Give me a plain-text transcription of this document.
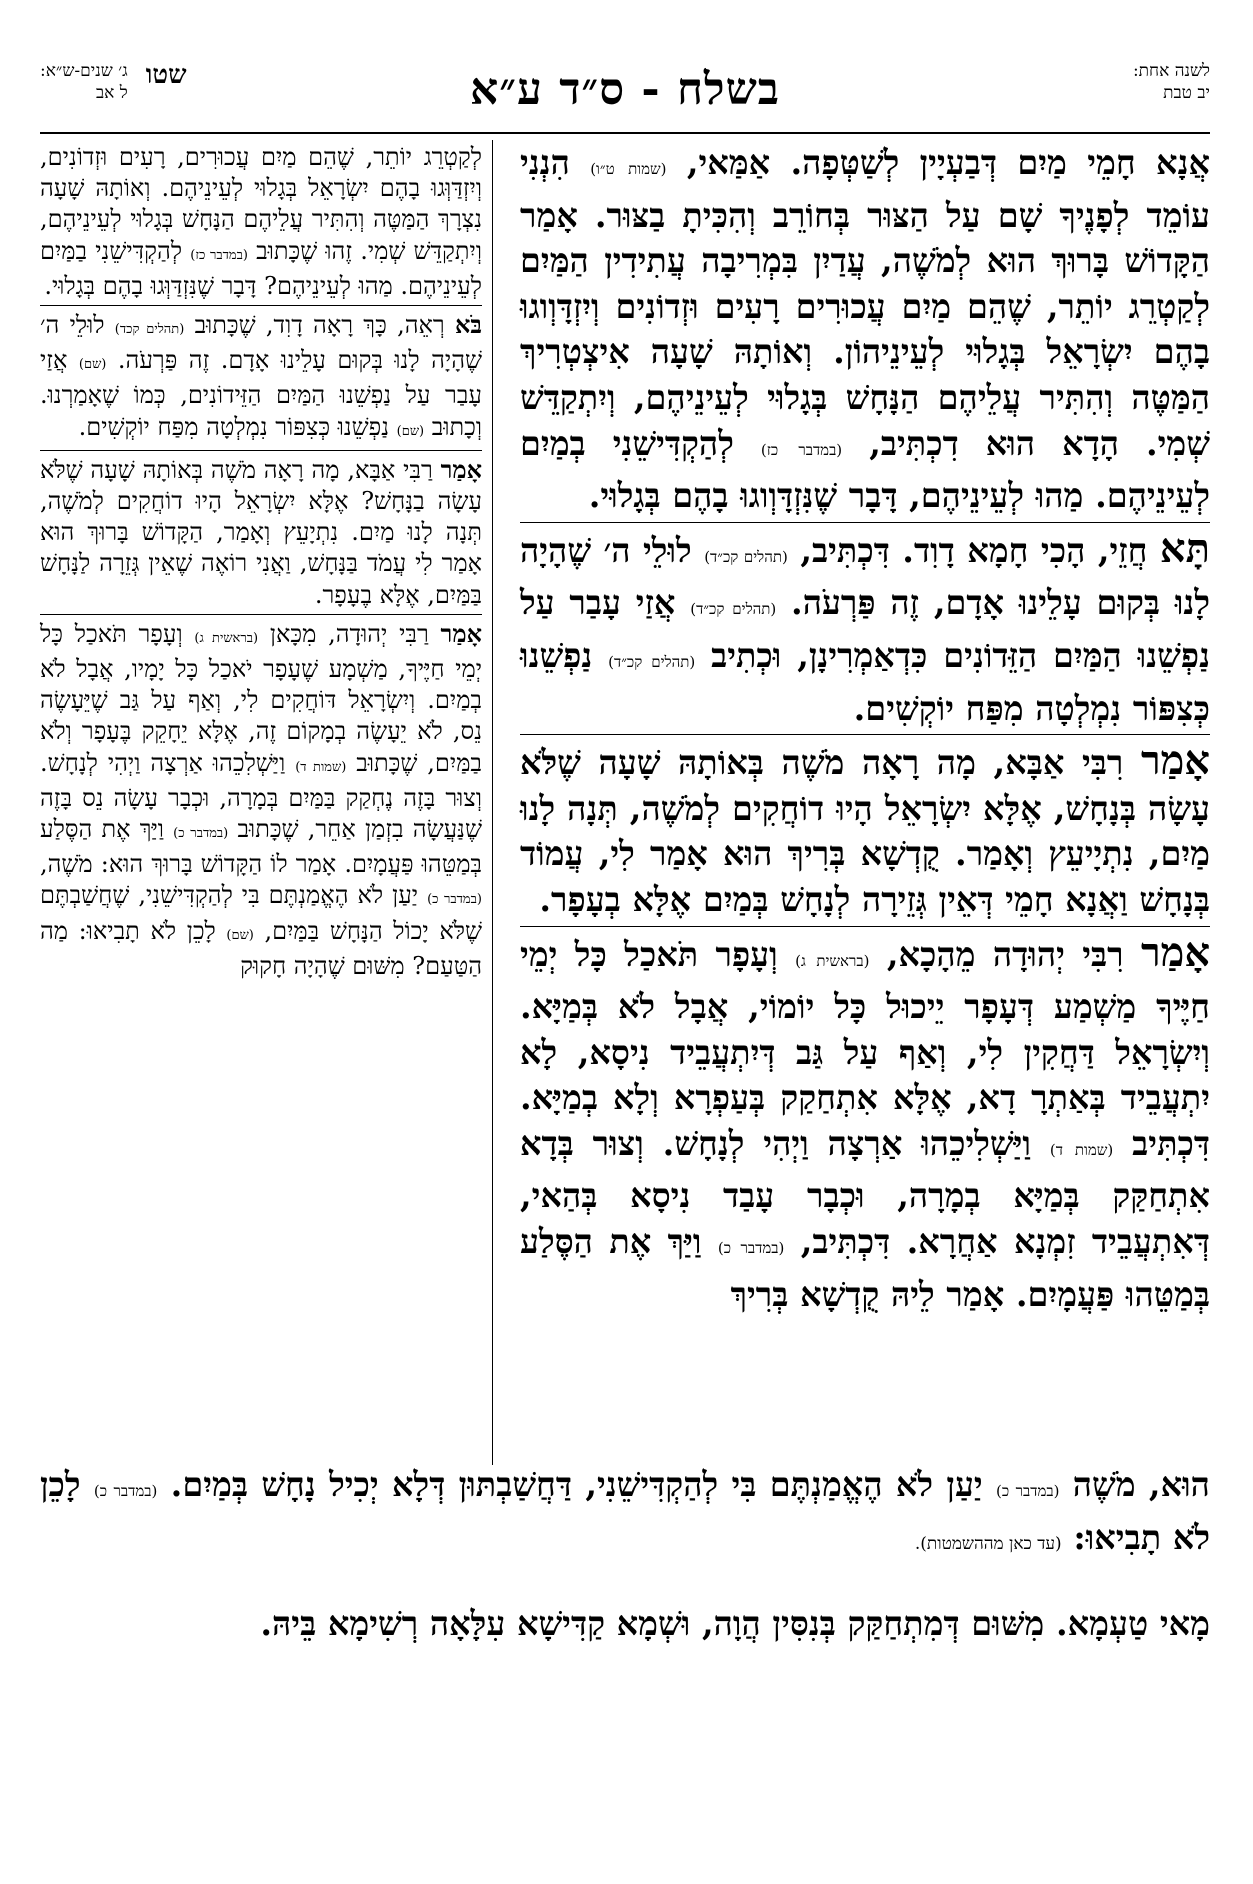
לשנה אחת:
יב טבת
בשלח - ס״ד ע״א
ג׳ שנים-ש״א:
ל אב
שטו

אֲנָא חָמֵי מַיִם דְּבַעְיָין לְשַׁטְּפָה. אַמַּאי, (שמות ט״ו) הִנְנִי עוֹמֵד לְפָנֶיךָ שָׁם עַל הַצּוּר בְּחוֹרֵב וְהִכִּיתָ בַצּוּר. אָמַר הַקָּדוֹשׁ בָּרוּךְ הוּא לְמֹשֶׁה, עֲדַיִן בִּמְרִיבָה עֲתִידִין הַמַּיִם לְקַטְרֵג יוֹתֵר, שֶׁהֵם מַיִם עֲכוּרִים רָעִים וּזְדוֹנִים וְיִזְדָּוְוגוּ בָהֶם יִשְׂרָאֵל בְּגָלוּי לְעֵינֵיהוֹן. וְאוֹתָהּ שָׁעָה אִיצְטְרִיךְ הַמַּטֶּה וְהִתִּיר עֲלֵיהֶם הַנָּחָשׁ בְּגָלוּי לְעֵינֵיהֶם, וְיִתְקַדֵּשׁ שְׁמִי. הָדָא הוּא דִכְתִּיב, (במדבר כז) לְהַקְדִּישֵׁנִי בְמַיִם לְעֵינֵיהֶם. מַהוּ לְעֵינֵיהֶם, דָּבָר שֶׁנִּזְדָּוְוגוּ בָהֶם בְּגָלוּי.

תָּא חֲזֵי, הָכִי חָמָא דָוִד. דִּכְתִּיב, (תהלים קכ״ד) לוּלֵי ה׳ שֶׁהָיָה לָנוּ בְּקוּם עָלֵינוּ אָדָם, זֶה פַּרְעֹה. (תהלים קכ״ד) אֲזַי עָבַר עַל נַפְשֵׁנוּ הַמַּיִם הַזֵּדוֹנִים כִּדְאַמְרִינָן, וּכְתִיב (תהלים קכ״ד) נַפְשֵׁנוּ כְּצִפּוֹר נִמְלְטָה מִפַּח יוֹקְשִׁים.

אָמַר רִבִּי אַבָּא, מָה רָאָה מֹשֶׁה בְּאוֹתָהּ שָׁעָה שֶׁלֹּא עָשָׂה בְּנָחָשׁ, אֶלָּא יִשְׂרָאֵל הָיוּ דוֹחֲקִים לְמֹשֶׁה, תְּנָה לָנוּ מַיִם, נִתְיָיעֵץ וְאָמַר. קֻדְשָׁא בְּרִיךְ הוּא אָמַר לִי, עֲמוֹד בְּנָחָשׁ וַאֲנָא חָמֵי דְּאֵין גְּזֵירָה לְנָחָשׁ בְּמַיִם אֶלָּא בְעָפָר.

אָמַר רִבִּי יְהוּדָה מֵהָכָא, (בראשית ג) וְעָפָר תֹּאכַל כָּל יְמֵי חַיֶּיךָ מַשְׁמַע דְּעָפָר יֵיכוּל כָּל יוֹמוֹי, אֲבָל לֹא בְּמַיָּא. וְיִשְׂרָאֵל דַּחֲקִין לִי, וְאַף עַל גַּב דְּיִתְעֲבֵיד נִיסָא, לָא יִתְעֲבֵיד בְּאַתְרָ דָא, אֶלָּא אִתְחַקַק בְּעַפְרָא וְלָא בְמַיָּא. דִּכְתִּיב (שמות ד) וַיַּשְׁלִיכֵהוּ אַרְצָה וַיְהִי לְנָחָשׁ. וְצוּר בְּדָא אִתְחַקַּק בְּמַיָּא בְמָרָה, וּכְבָר עָבַד נִיסָא בְּהַאי, דְּאִתְעֲבֵיד זִמְנָא אַחֲרָא. דִּכְתִּיב, (במדבר כ) וַיַּךְ אֶת הַסֶּלַע בְּמַטֵּהוּ פַּעֲמָיִם. אָמַר לֵיהּ קֻדְשָׁא בְּרִיךְ

לְקַטְרֵג יוֹתֵר, שֶׁהֵם מַיִם עֲכוּרִים, רָעִים וּזְדוֹנִים, וְיִזְדַּוְּגוּ בָהֶם יִשְׂרָאֵל בְּגָלוּי לְעֵינֵיהֶם. וְאוֹתָהּ שָׁעָה נִצְרָךְ הַמַּטֶּה וְהִתִּיר עֲלֵיהֶם הַנָּחָשׁ בְּגָלוּי לְעֵינֵיהֶם, וְיִתְקַדֵּשׁ שְׁמִי. זֶהוּ שֶׁכָּתוּב (במדבר כז) לְהַקְדִּישֵׁנִי בַמַּיִם לְעֵינֵיהֶם. מַהוּ לְעֵינֵיהֶם? דָּבָר שֶׁנִּזְדַּוְּגוּ בָהֶם בְּגָלוּי.

בֹּא רְאֵה, כָּךְ רָאָה דָוִד, שֶׁכָּתוּב (תהלים קכד) לוּלֵי ה׳ שֶׁהָיָה לָנוּ בְּקוּם עָלֵינוּ אָדָם. זֶה פַּרְעֹה. (שם) אֲזַי עָבַר עַל נַפְשֵׁנוּ הַמַּיִם הַזֵּידוֹנִים, כְּמוֹ שֶׁאָמַרְנוּ. וְכָתוּב (שם) נַפְשֵׁנוּ כְּצִפּוֹר נִמְלְטָה מִפַּח יוֹקְשִׁים.

אָמַר רַבִּי אַבָּא, מָה רָאָה מֹשֶׁה בְּאוֹתָהּ שָׁעָה שֶׁלֹּא עָשָׂה בַנָּחָשׁ? אֶלָּא יִשְׂרָאֵל הָיוּ דוֹחֲקִים לְמֹשֶׁה, תְּנָה לָנוּ מַיִם. נִתְיָעֵץ וְאָמַר, הַקָּדוֹשׁ בָּרוּךְ הוּא אָמַר לִי עֲמֹד בַּנָּחָשׁ, וַאֲנִי רוֹאֶה שֶׁאֵין גְּזֵרָה לַנָּחָשׁ בַּמַּיִם, אֶלָּא בֶעָפָר.

אָמַר רַבִּי יְהוּדָה, מִכָּאן (בראשית ג) וְעָפָר תֹּאכַל כָּל יְמֵי חַיֶּיךָ, מַשְׁמָע שֶׁעָפָר יֹאכַל כָּל יָמָיו, אֲבָל לֹא בְמַיִם. וְיִשְׂרָאֵל דּוֹחֲקִים לִי, וְאַף עַל גַּב שֶׁיֵּעָשֶׂה נֵס, לֹא יֵעָשֶׂה בְמָקוֹם זֶה, אֶלָּא יֵחָקֵק בֶּעָפָר וְלֹא בַמַּיִם, שֶׁכָּתוּב (שמות ד) וַיַּשְׁלִכֵהוּ אַרְצָה וַיְהִי לְנָחָשׁ. וְצוּר בָּזֶה נֶחְקַק בַּמַּיִם בְּמָרָה, וּכְבָר עָשָׂה נֵס בָּזֶה שֶׁנַּעֲשָׂה בִזְמַן אַחֵר, שֶׁכָּתוּב (במדבר כ) וַיַּךְ אֶת הַסֶּלַע בְּמַטֵּהוּ פַּעֲמָיִם. אָמַר לוֹ הַקָּדוֹשׁ בָּרוּךְ הוּא: מֹשֶׁה, (במדבר כ) יַעַן לֹא הֶאֱמַנְתֶּם בִּי לְהַקְדִּישֵׁנִי, שֶׁחֲשַׁבְתֶּם שֶׁלֹּא יָכוֹל הַנָּחָשׁ בַּמַּיִם, (שם) לָכֵן לֹא תָבִיאוּ: מַה הַטַּעַם? מִשּׁוּם שֶׁהָיָה חָקוּק

הוּא, מֹשֶׁה (במדבר כ) יַעַן לֹא הֶאֱמַנְתֶּם בִּי לְהַקְדִּישֵׁנִי, דַּחֲשַׁבְתּוּן דְּלָא יְכִיל נָחָשׁ בְּמַיִם. (במדבר כ) לָכֵן לֹא תָבִיאוּ: (עד כאן מההשמטות).

מָאי טַעְמָא. מִשּׁוּם דְּמִתְחַקַּק בְּנִסִּין הֲוָה, וּשְׁמָא קַדִּישָׁא עִלָּאָה רְשִׁימָא בֵּיהּ.
